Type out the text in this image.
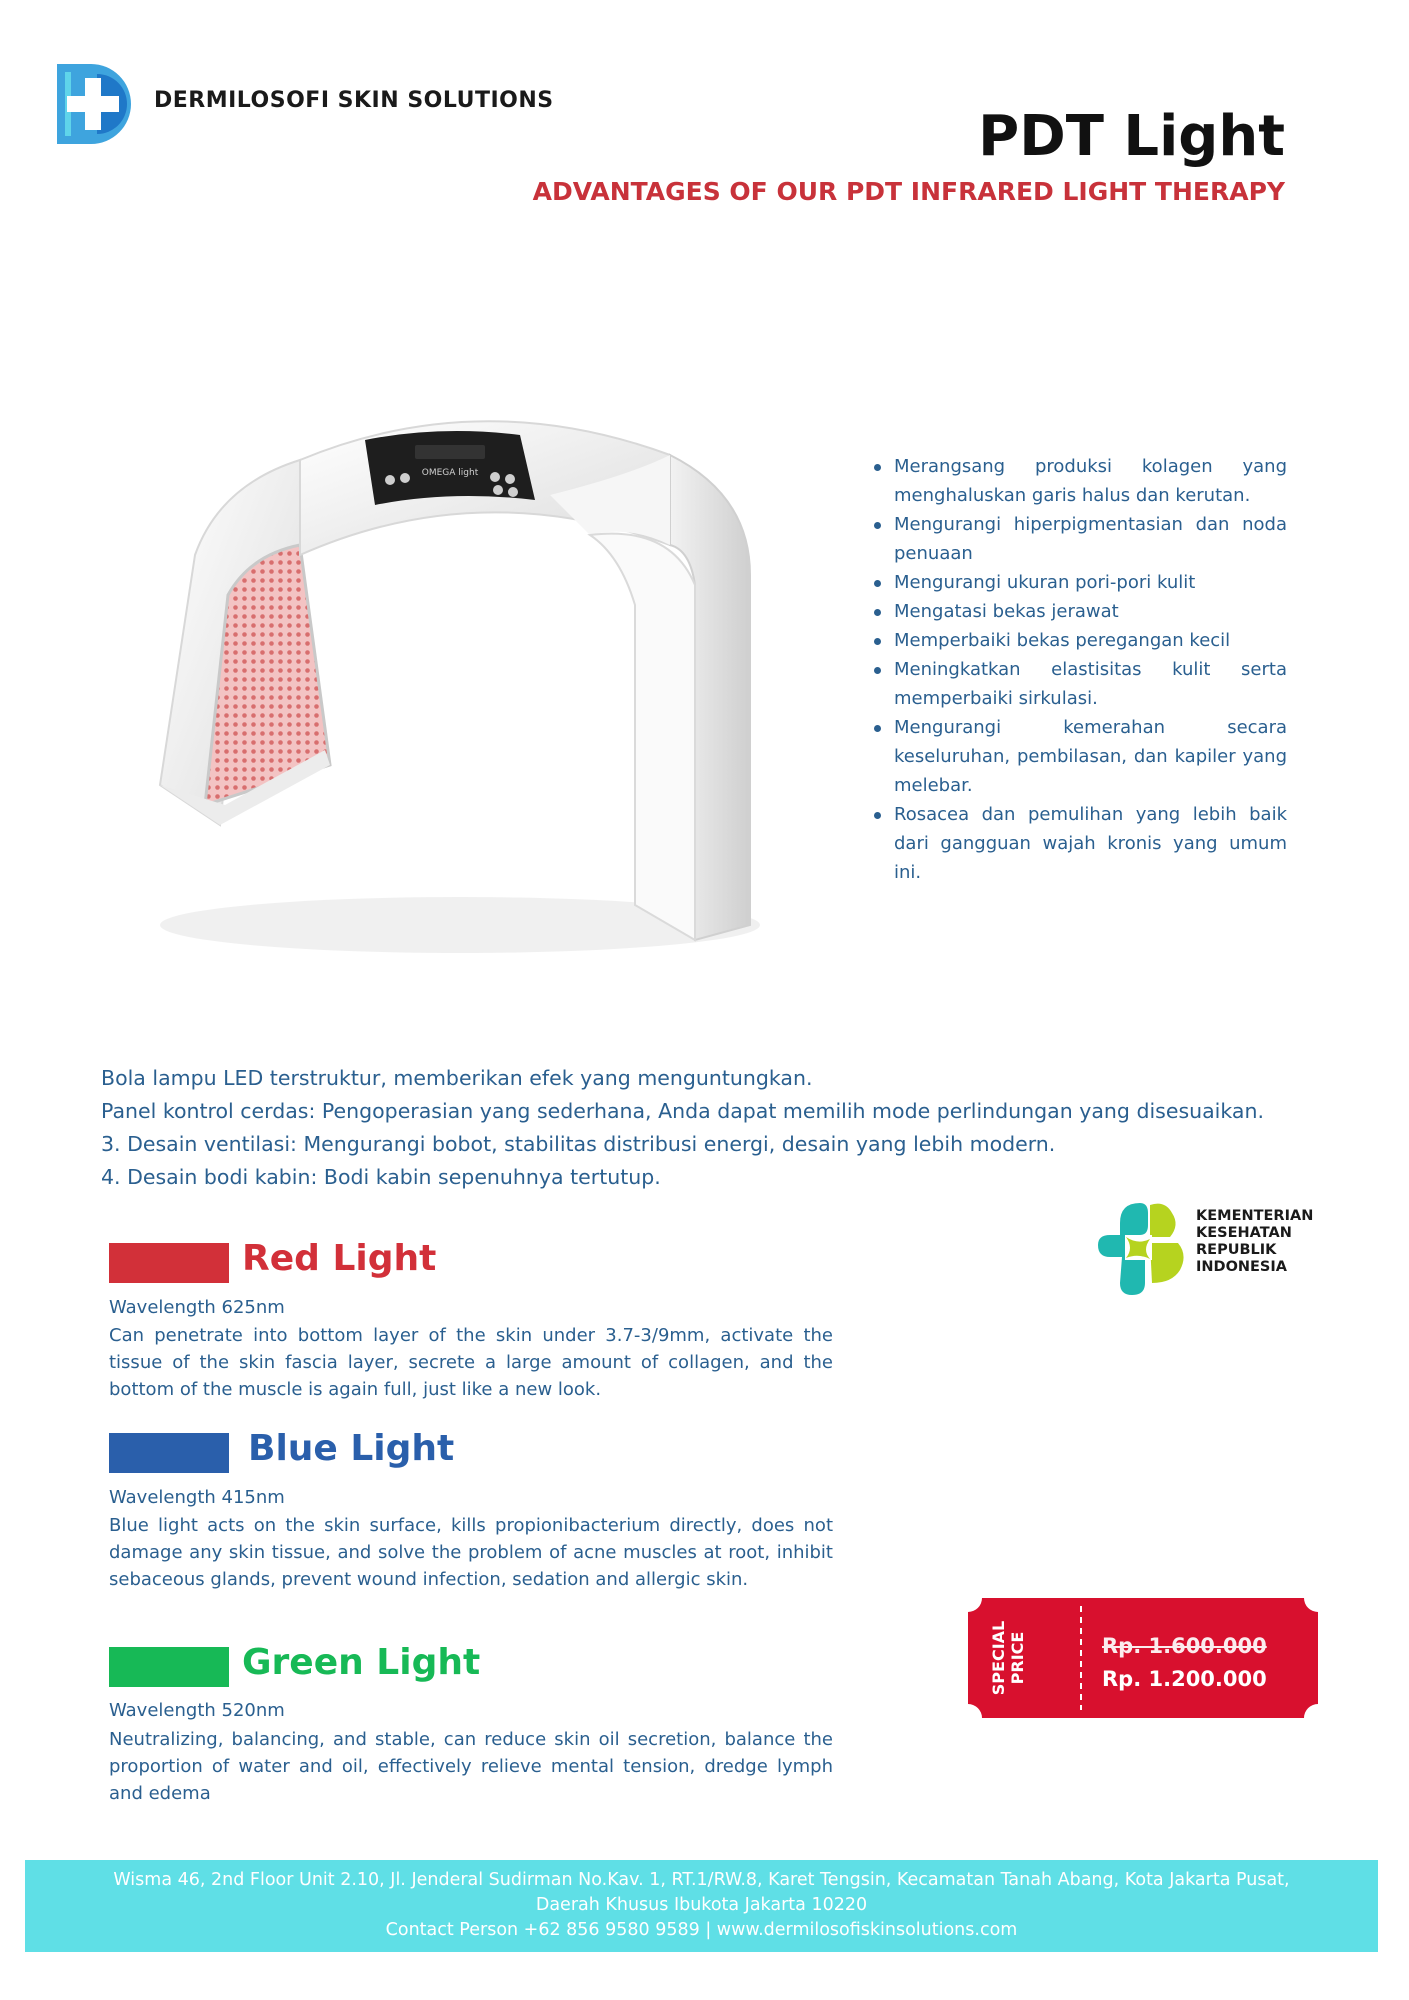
DERMILOSOFI SKIN SOLUTIONS
PDT Light
ADVANTAGES OF OUR PDT INFRARED LIGHT THERAPY
OMEGA light	Merangsang produksi kolagen yang menghaluskan garis halus dan kerutan.
Mengurangi hiperpigmentasian dan noda penuaan
Mengurangi ukuran pori-pori kulit
Mengatasi bekas jerawat
Memperbaiki bekas peregangan kecil
Meningkatkan elastisitas kulit serta memperbaiki sirkulasi.
Mengurangi kemerahan secara keseluruhan, pembilasan, dan kapiler yang melebar.
Rosacea dan pemulihan yang lebih baik dari gangguan wajah kronis yang umum ini.
Bola lampu LED terstruktur, memberikan efek yang menguntungkan.
Panel kontrol cerdas: Pengoperasian yang sederhana, Anda dapat memilih mode perlindungan yang disesuaikan.
3. Desain ventilasi: Mengurangi bobot, stabilitas distribusi energi, desain yang lebih modern.
4. Desain bodi kabin: Bodi kabin sepenuhnya tertutup.
KEMENTERIAN
KESEHATAN
REPUBLIK
INDONESIA
Red Light
Wavelength 625nm
Can penetrate into bottom layer of the skin under 3.7-3/9mm, activate the tissue of the skin fascia layer, secrete a large amount of collagen, and the bottom of the muscle is again full, just like a new look.
Blue Light
Wavelength 415nm
Blue light acts on the skin surface, kills propionibacterium directly, does not damage any skin tissue, and solve the problem of acne muscles at root, inhibit sebaceous glands, prevent wound infection, sedation and allergic skin.
Green Light
Wavelength 520nm
Neutralizing, balancing, and stable, can reduce skin oil secretion, balance the proportion of water and oil, effectively relieve mental tension, dredge lymph and edema
SPECIAL PRICE	Rp. 1.600.000
Rp. 1.200.000
Wisma 46, 2nd Floor Unit 2.10, Jl. Jenderal Sudirman No.Kav. 1, RT.1/RW.8, Karet Tengsin, Kecamatan Tanah Abang, Kota Jakarta Pusat,
Daerah Khusus Ibukota Jakarta 10220
Contact Person +62 856 9580 9589 | www.dermilosofiskinsolutions.com
